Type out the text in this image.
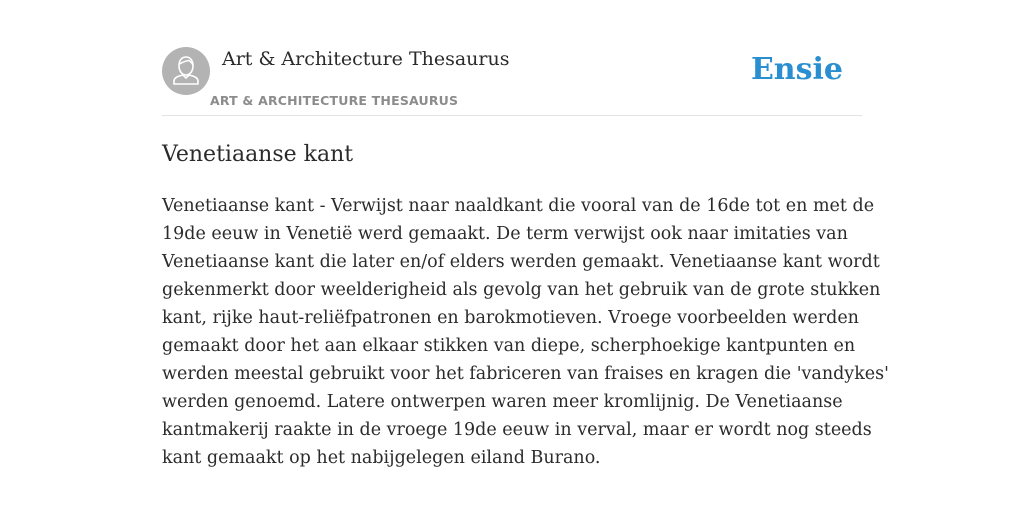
Art & Architecture Thesaurus
ART & ARCHITECTURE THESAURUS
Ensie
Venetiaanse kant

Venetiaanse kant - Verwijst naar naaldkant die vooral van de 16de tot en met de
19de eeuw in Venetië werd gemaakt. De term verwijst ook naar imitaties van
Venetiaanse kant die later en/of elders werden gemaakt. Venetiaanse kant wordt
gekenmerkt door weelderigheid als gevolg van het gebruik van de grote stukken
kant, rijke haut-reliëfpatronen en barokmotieven. Vroege voorbeelden werden
gemaakt door het aan elkaar stikken van diepe, scherphoekige kantpunten en
werden meestal gebruikt voor het fabriceren van fraises en kragen die 'vandykes'
werden genoemd. Latere ontwerpen waren meer kromlijnig. De Venetiaanse
kantmakerij raakte in de vroege 19de eeuw in verval, maar er wordt nog steeds
kant gemaakt op het nabijgelegen eiland Burano.
